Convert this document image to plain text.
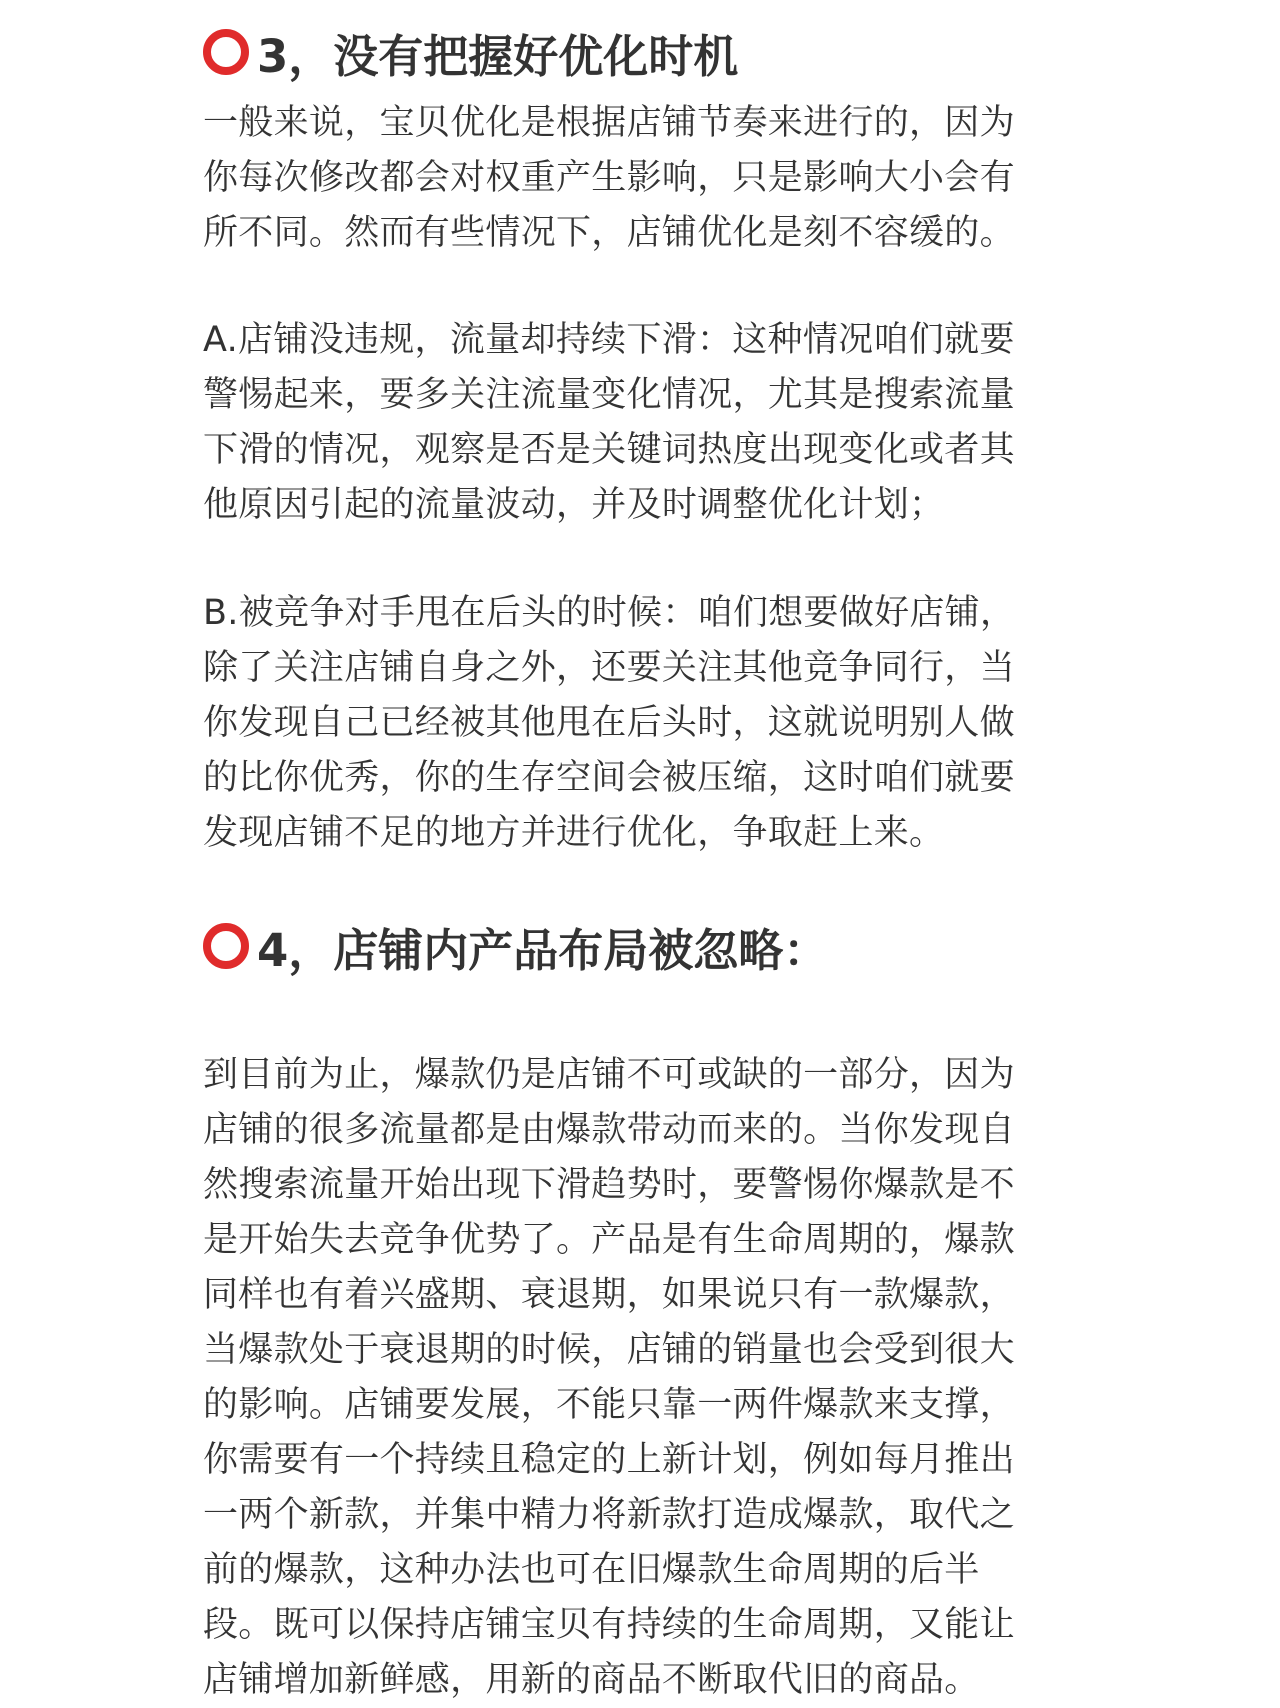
3，没有把握好优化时机

一般来说，宝贝优化是根据店铺节奏来进行的，因为
你每次修改都会对权重产生影响，只是影响大小会有
所不同。然而有些情况下，店铺优化是刻不容缓的。

A.店铺没违规，流量却持续下滑：这种情况咱们就要
警惕起来，要多关注流量变化情况，尤其是搜索流量
下滑的情况，观察是否是关键词热度出现变化或者其
他原因引起的流量波动，并及时调整优化计划；

B.被竞争对手甩在后头的时候：咱们想要做好店铺，
除了关注店铺自身之外，还要关注其他竞争同行，当
你发现自己已经被其他甩在后头时，这就说明别人做
的比你优秀，你的生存空间会被压缩，这时咱们就要
发现店铺不足的地方并进行优化，争取赶上来。

4，店铺内产品布局被忽略：

到目前为止，爆款仍是店铺不可或缺的一部分，因为
店铺的很多流量都是由爆款带动而来的。当你发现自
然搜索流量开始出现下滑趋势时，要警惕你爆款是不
是开始失去竞争优势了。产品是有生命周期的，爆款
同样也有着兴盛期、衰退期，如果说只有一款爆款，
当爆款处于衰退期的时候，店铺的销量也会受到很大
的影响。店铺要发展，不能只靠一两件爆款来支撑，
你需要有一个持续且稳定的上新计划，例如每月推出
一两个新款，并集中精力将新款打造成爆款，取代之
前的爆款，这种办法也可在旧爆款生命周期的后半
段。既可以保持店铺宝贝有持续的生命周期，又能让
店铺增加新鲜感，用新的商品不断取代旧的商品。
